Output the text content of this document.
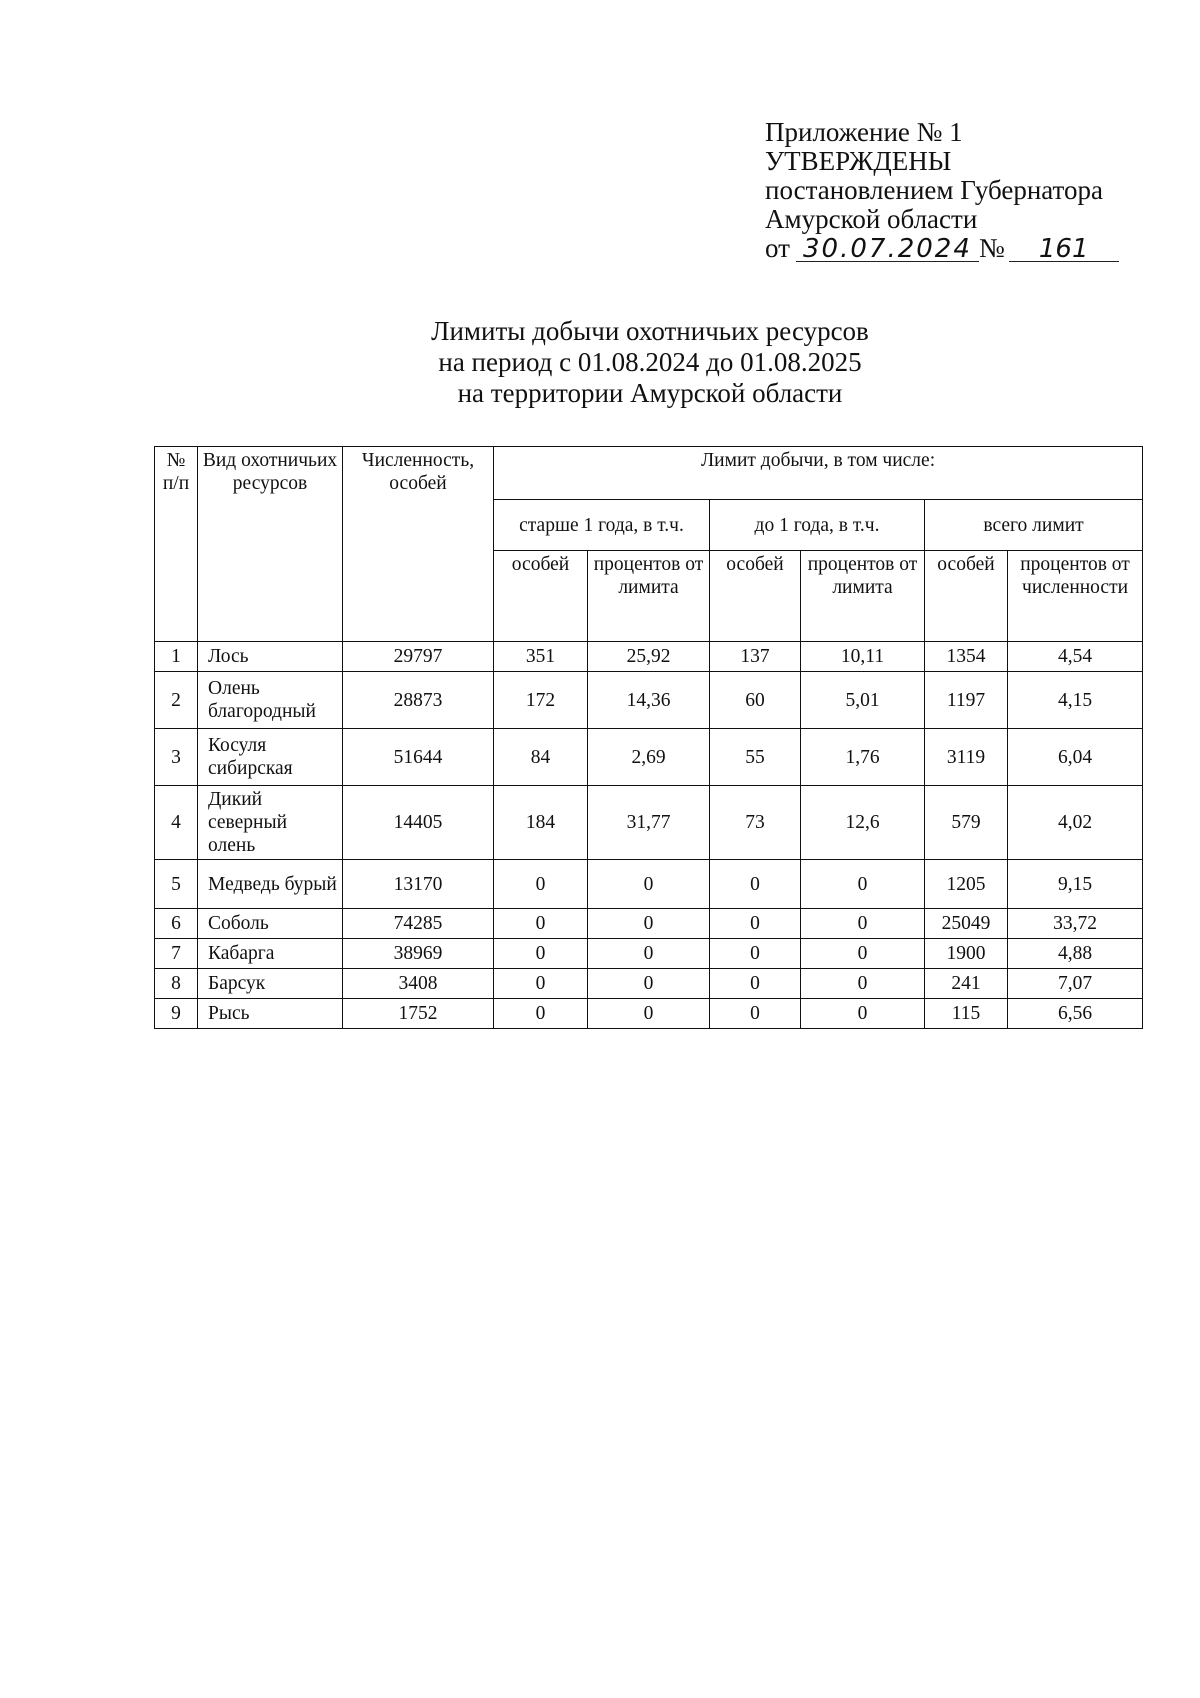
Приложение № 1
УТВЕРЖДЕНЫ
постановлением Губернатора
Амурской области
от 30.07.2024 № 161
Лимиты добычи охотничьих ресурсов
на период с 01.08.2024 до 01.08.2025
на территории Амурской области
№ п/п	Вид охотничьих ресурсов	Численность, особей	Лимит добычи, в том числе:					
			старше 1 года, в т.ч.		до 1 года, в т.ч.		всего лимит	
			особей	процентов от лимита	особей	процентов от лимита	особей	процентов от численности
1	Лось	29797	351	25,92	137	10,11	1354	4,54
2	Олень благородный	28873	172	14,36	60	5,01	1197	4,15
3	Косуля сибирская	51644	84	2,69	55	1,76	3119	6,04
4	Дикий северный олень	14405	184	31,77	73	12,6	579	4,02
5	Медведь бурый	13170	0	0	0	0	1205	9,15
6	Соболь	74285	0	0	0	0	25049	33,72
7	Кабарга	38969	0	0	0	0	1900	4,88
8	Барсук	3408	0	0	0	0	241	7,07
9	Рысь	1752	0	0	0	0	115	6,56
